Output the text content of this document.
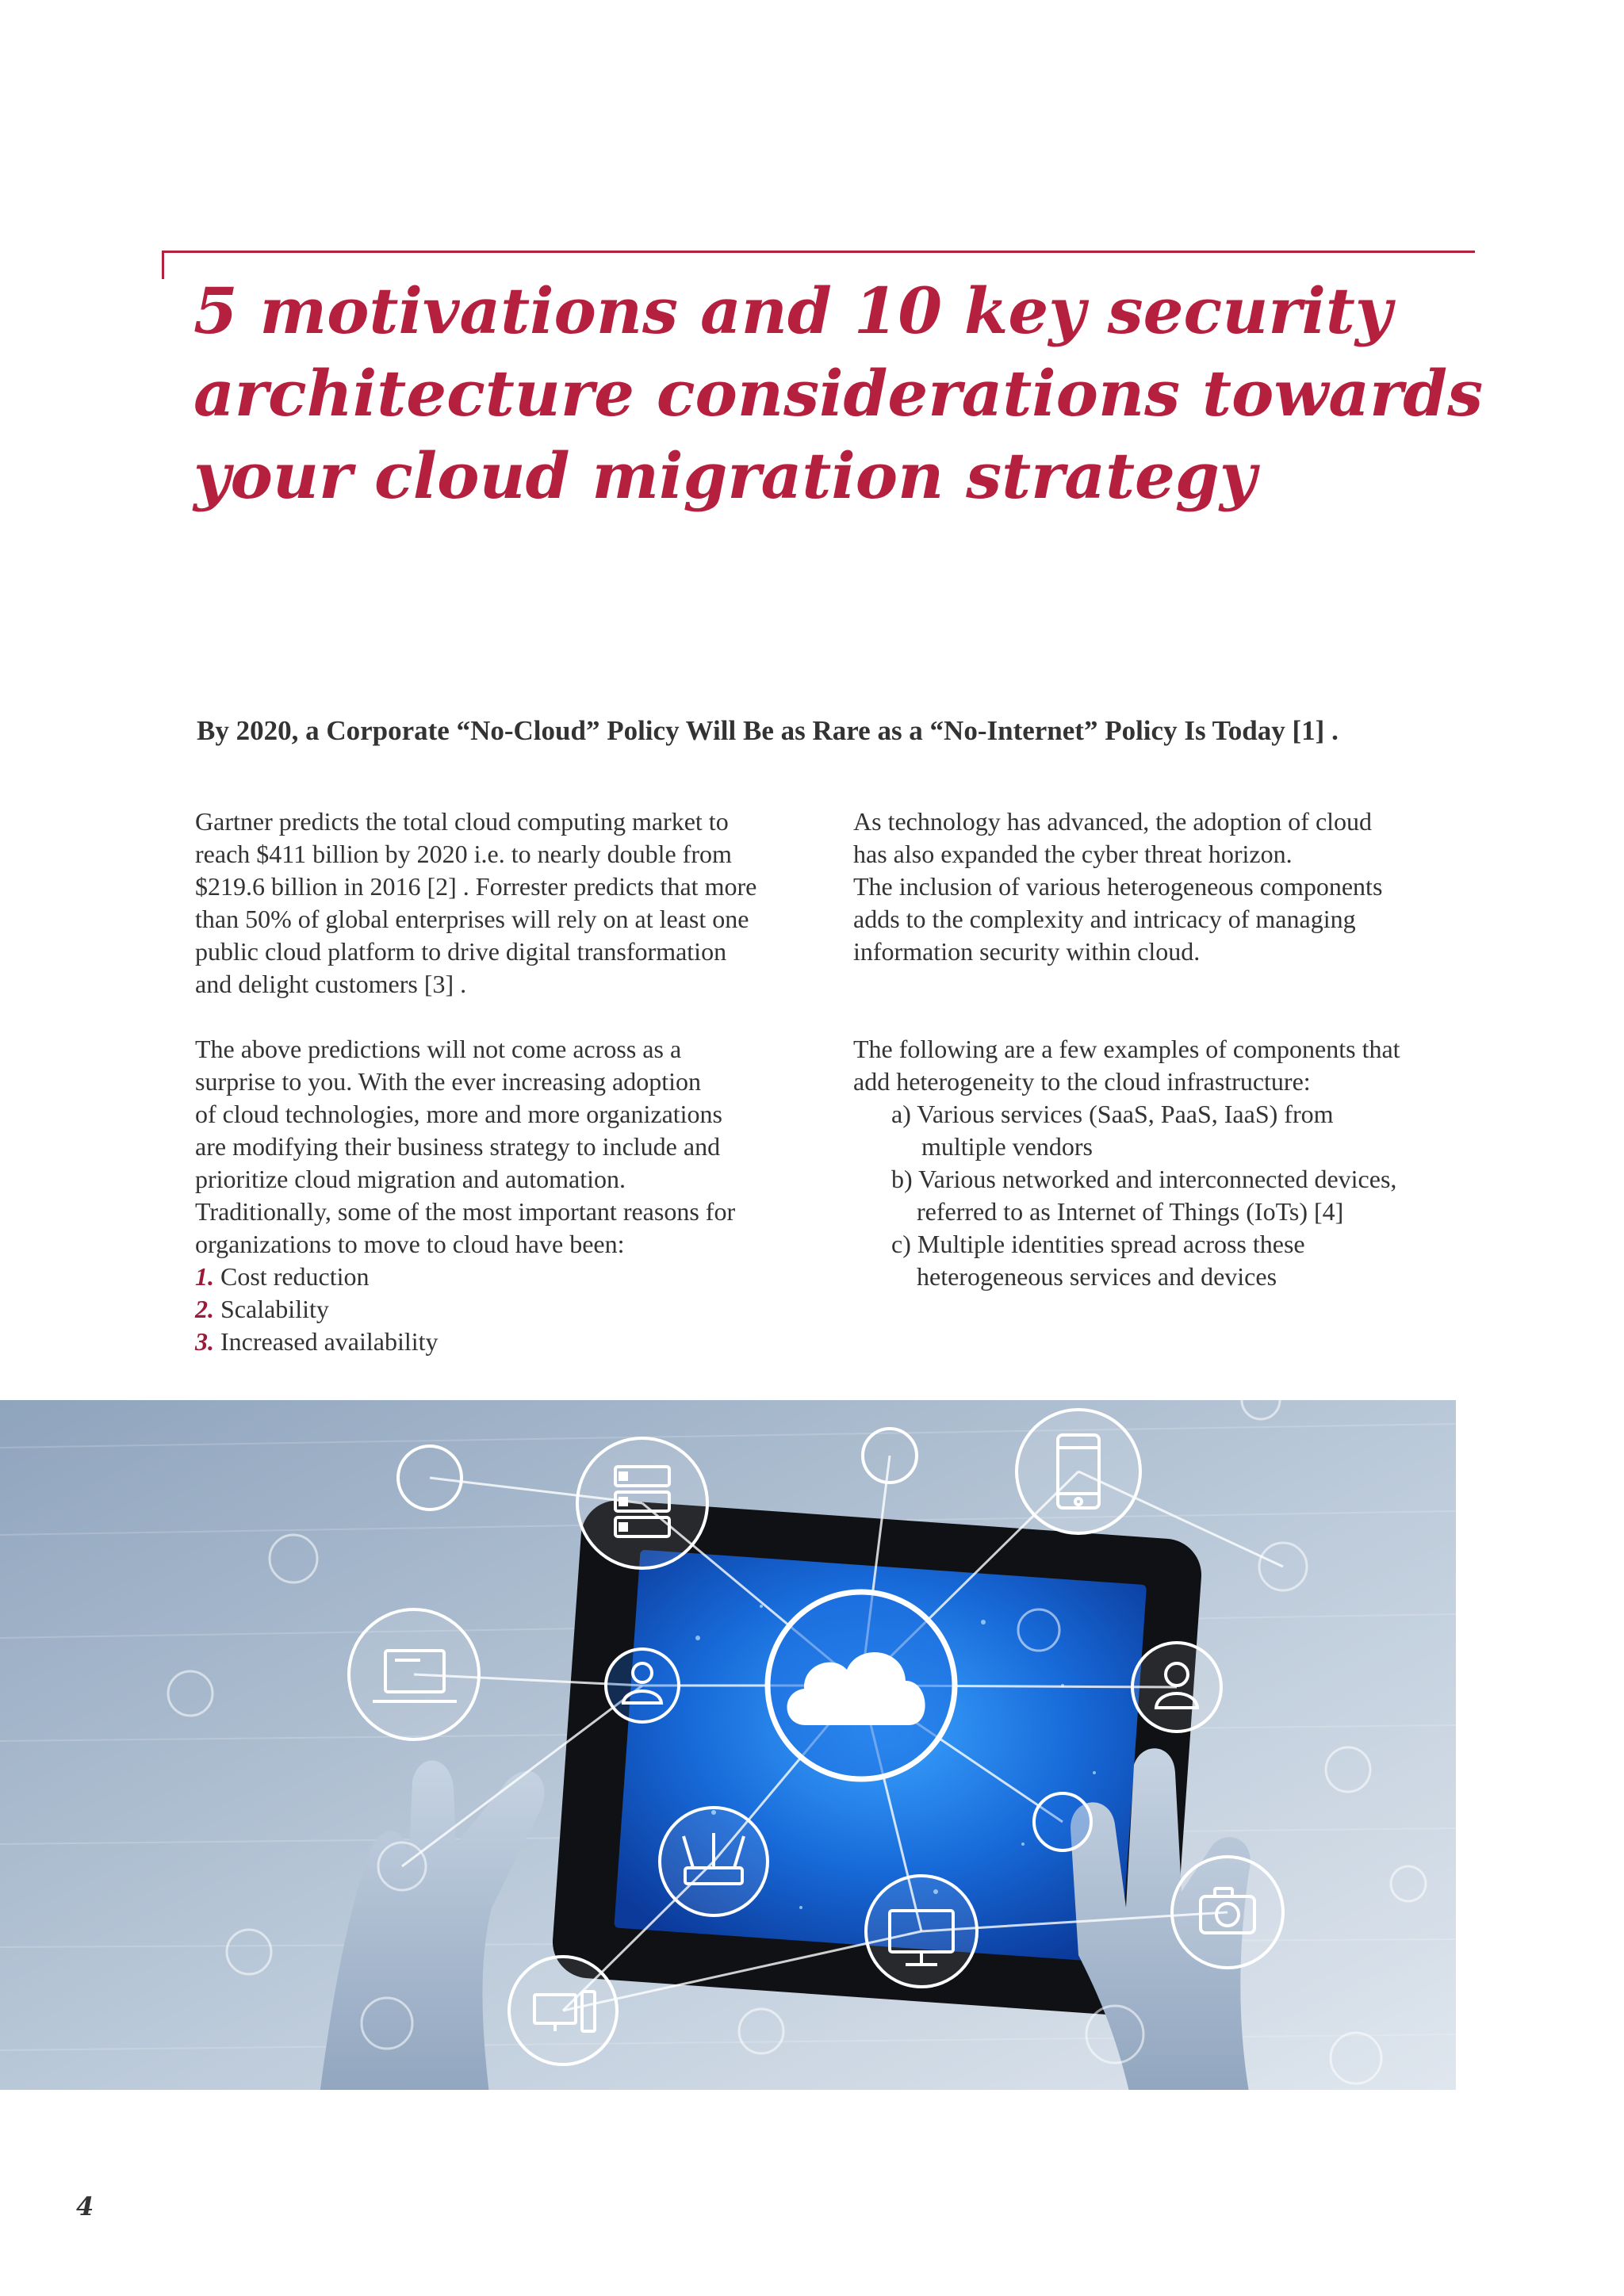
5 motivations and 10 key security
architecture considerations towards
your cloud migration strategy
By 2020, a Corporate “No-Cloud” Policy Will Be as Rare as a “No-Internet” Policy Is Today [1] .
Gartner predicts the total cloud computing market to
reach $411 billion by 2020 i.e. to nearly double from
$219.6 billion in 2016 [2] . Forrester predicts that more
than 50% of global enterprises will rely on at least one
public cloud platform to drive digital transformation
and delight customers [3] .
The above predictions will not come across as a
surprise to you. With the ever increasing adoption
of cloud technologies, more and more organizations
are modifying their business strategy to include and
prioritize cloud migration and automation.
Traditionally, some of the most important reasons for
organizations to move to cloud have been:
1. Cost reduction
2. Scalability
3. Increased availability
As technology has advanced, the adoption of cloud
has also expanded the cyber threat horizon.
The inclusion of various heterogeneous components
adds to the complexity and intricacy of managing
information security within cloud.
The following are a few examples of components that
add heterogeneity to the cloud infrastructure:
a) Various services (SaaS, PaaS, IaaS) from
multiple vendors
b) Various networked and interconnected devices,
referred to as Internet of Things (IoTs) [4]
c) Multiple identities spread across these
heterogeneous services and devices
4
